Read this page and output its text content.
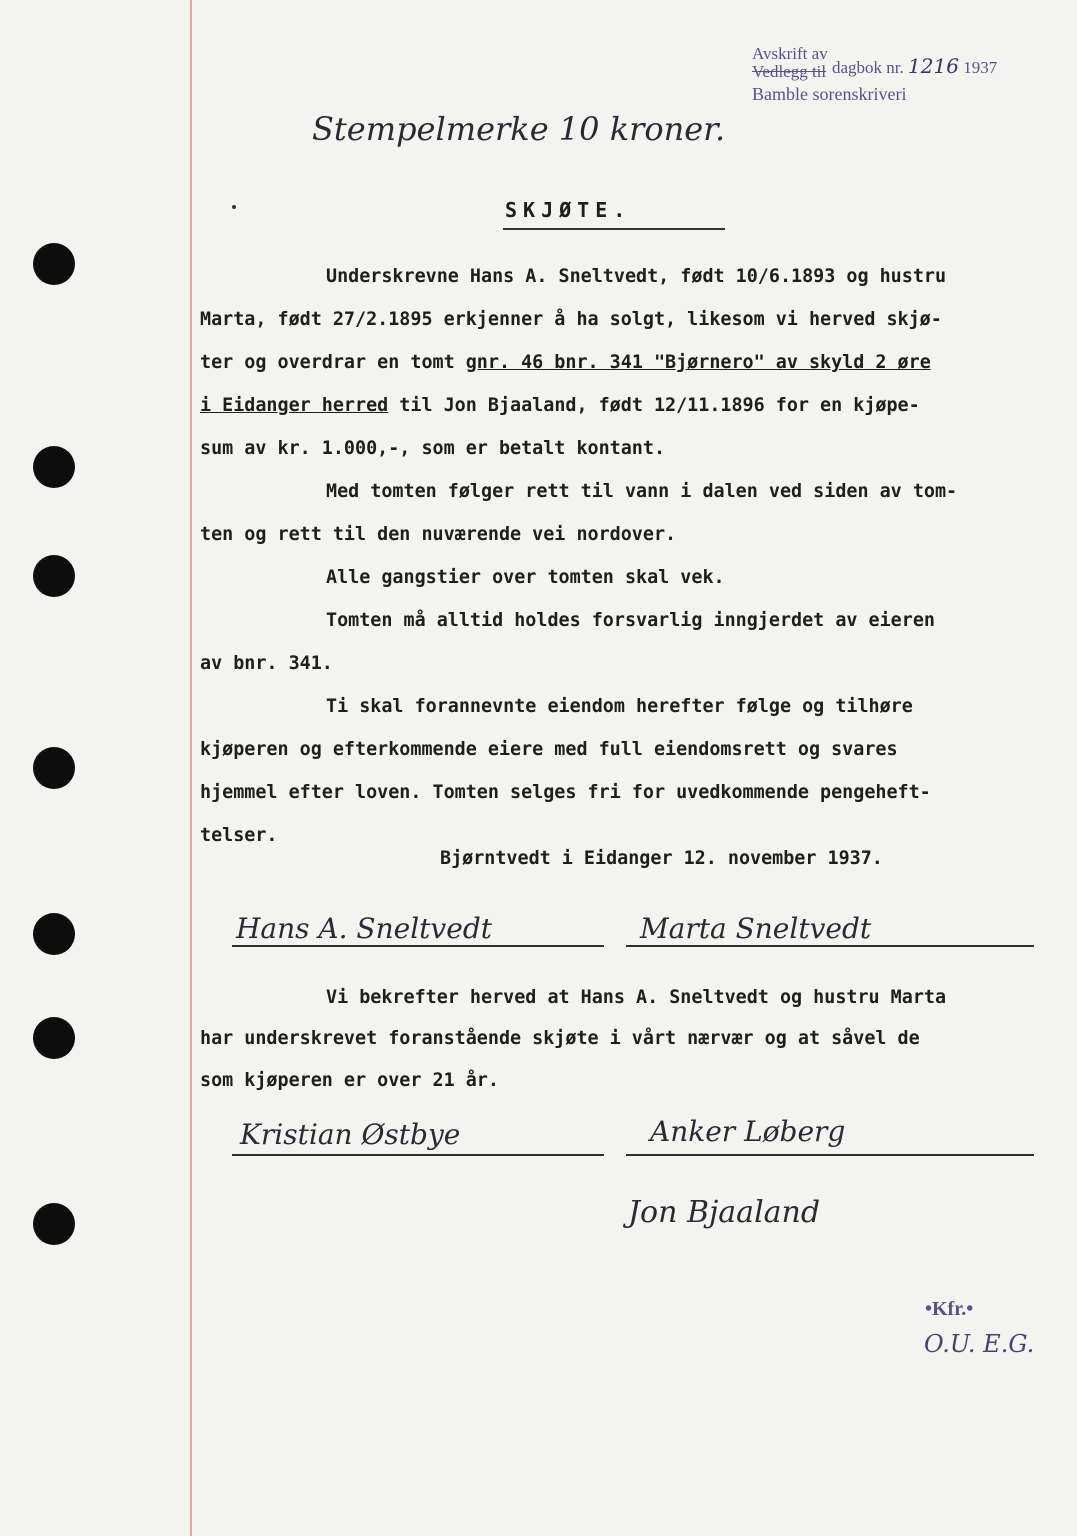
Avskrift av
Vedlegg til dagbok nr. 1216 1937
Bamble sorenskriveri
Stempelmerke 10 kroner.
SKJØTE.
Underskrevne Hans A. Sneltvedt, født 10/6.1893 og hustru
Marta, født 27/2.1895 erkjenner å ha solgt, likesom vi herved skjø-
ter og overdrar en tomt gnr. 46 bnr. 341 "Bjørnero" av skyld 2 øre
i Eidanger herred til Jon Bjaaland, født 12/11.1896 for en kjøpe-
sum av kr. 1.000,-, som er betalt kontant.
Med tomten følger rett til vann i dalen ved siden av tom-
ten og rett til den nuværende vei nordover.
Alle gangstier over tomten skal vek.
Tomten må alltid holdes forsvarlig inngjerdet av eieren
av bnr. 341.
Ti skal forannevnte eiendom herefter følge og tilhøre
kjøperen og efterkommende eiere med full eiendomsrett og svares
hjemmel efter loven. Tomten selges fri for uvedkommende pengeheft-
telser.
Bjørntvedt i Eidanger 12. november 1937.
Hans A. Sneltvedt	Marta Sneltvedt
Vi bekrefter herved at Hans A. Sneltvedt og hustru Marta
har underskrevet foranstående skjøte i vårt nærvær og at såvel de
som kjøperen er over 21 år.
Kristian Østbye	Anker Løberg
Jon Bjaaland
•Kfr.•
O.U. E.G.
